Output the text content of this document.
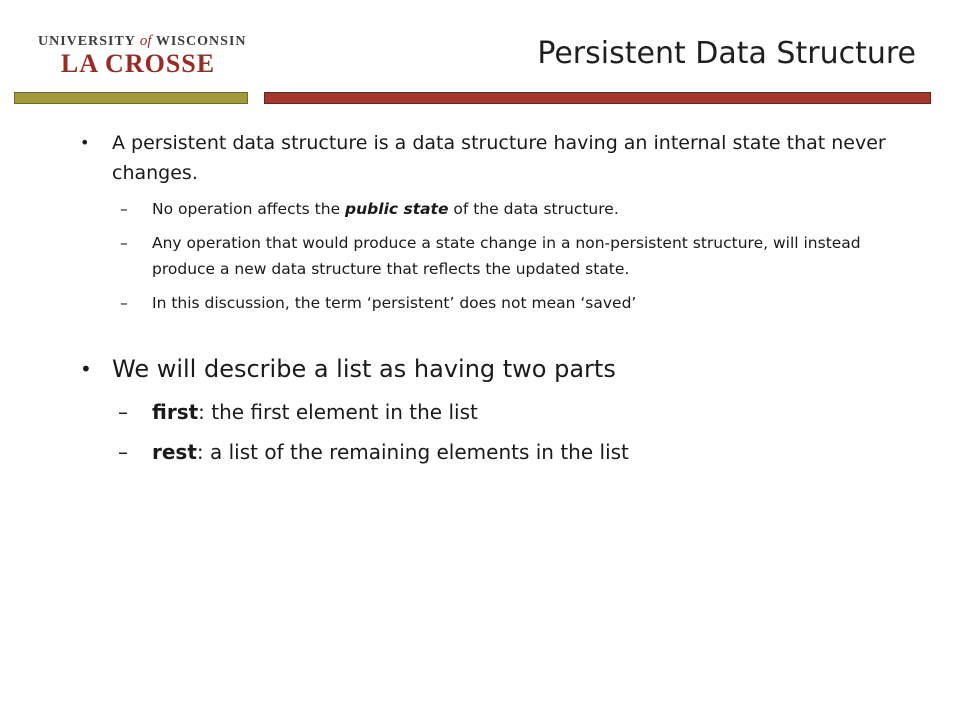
UNIVERSITY of WISCONSIN
LA CROSSE	Persistent Data Structure
• A persistent data structure is a data structure having an internal state that never changes.
– No operation affects the public state of the data structure.
– Any operation that would produce a state change in a non-persistent structure, will instead produce a new data structure that reflects the updated state.
– In this discussion, the term ‘persistent’ does not mean ‘saved’
• We will describe a list as having two parts
– first: the first element in the list
– rest: a list of the remaining elements in the list
